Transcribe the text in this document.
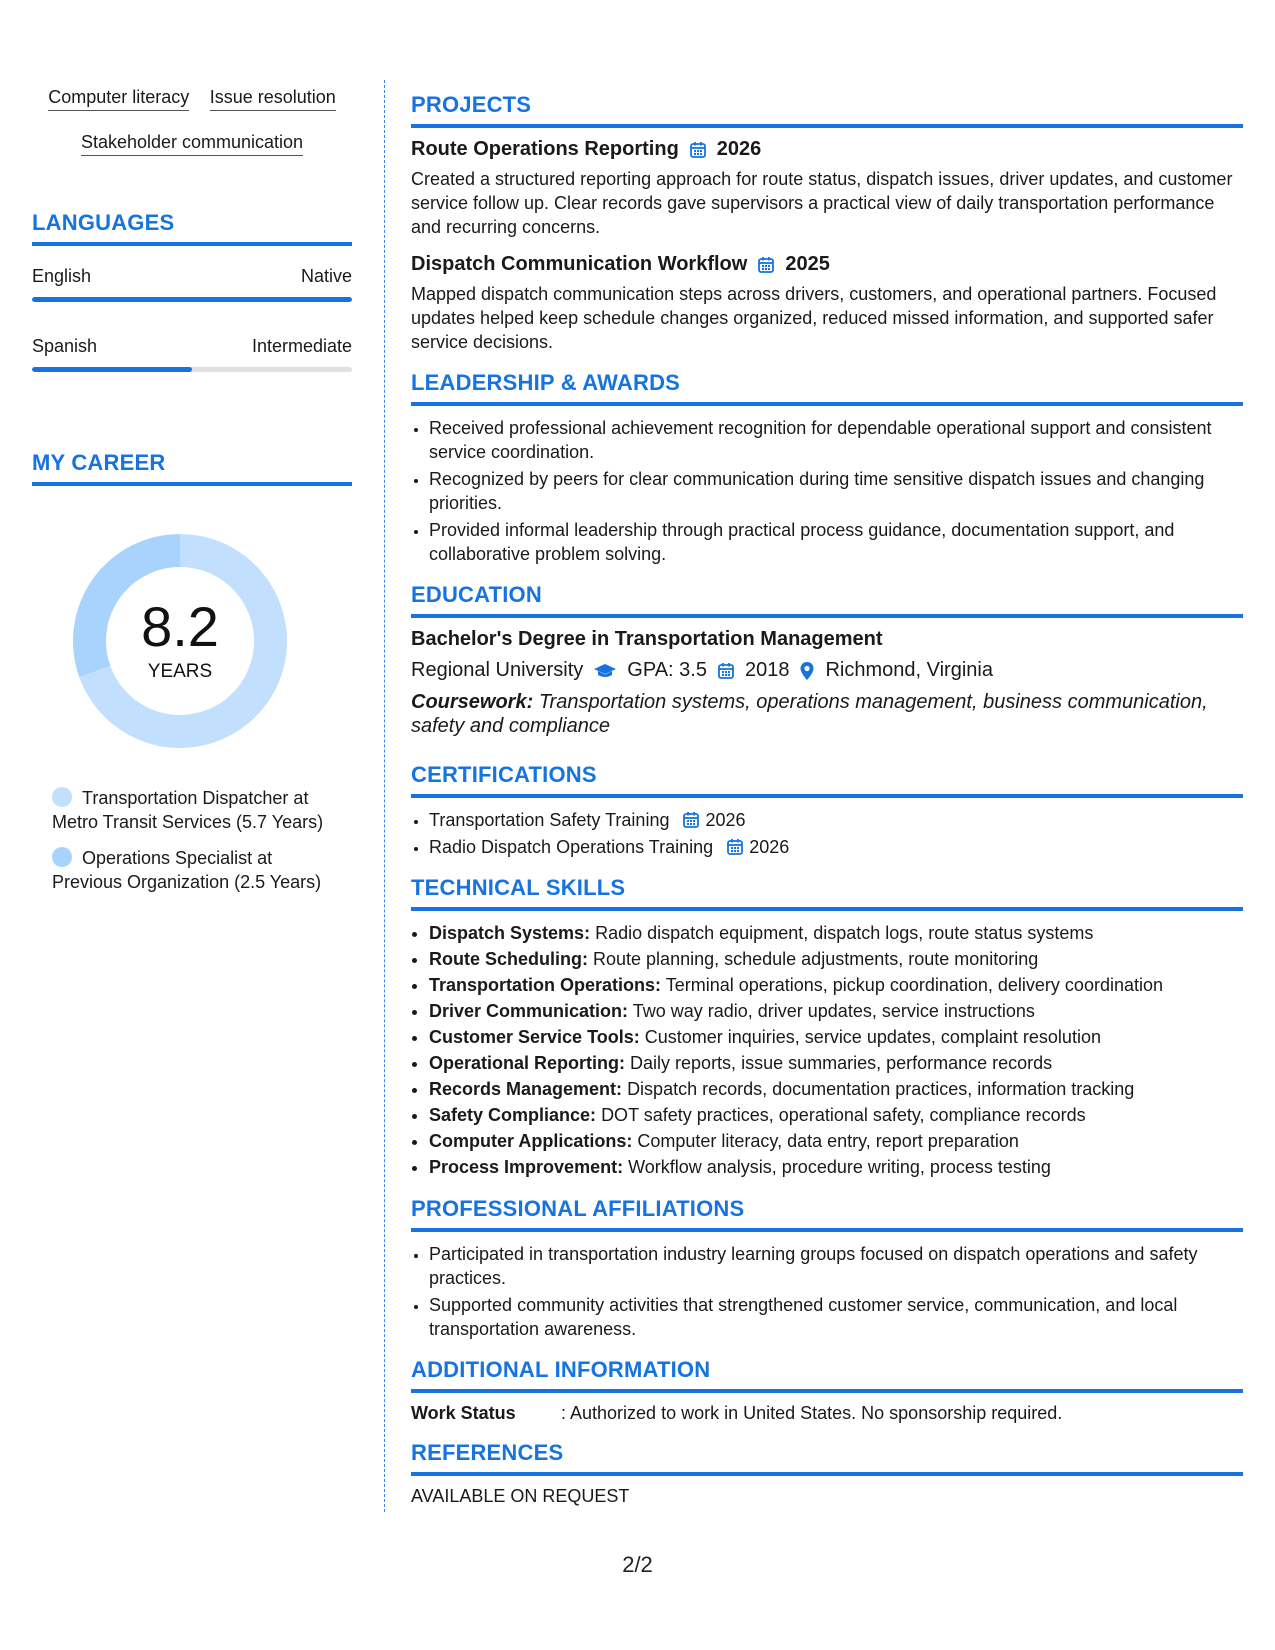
Computer literacy Issue resolution Stakeholder communication
LANGUAGES
English	Native
Spanish	Intermediate
MY CAREER
8.2
YEARS
Transportation Dispatcher at Metro Transit Services (5.7 Years)
Operations Specialist at Previous Organization (2.5 Years)
PROJECTS
Route Operations Reporting 2026

Created a structured reporting approach for route status, dispatch issues, driver updates, and customer service follow up. Clear records gave supervisors a practical view of daily transportation performance and recurring concerns.

Dispatch Communication Workflow 2025

Mapped dispatch communication steps across drivers, customers, and operational partners. Focused updates helped keep schedule changes organized, reduced missed information, and supported safer service decisions.

LEADERSHIP & AWARDS
• Received professional achievement recognition for dependable operational support and consistent service coordination.
• Recognized by peers for clear communication during time sensitive dispatch issues and changing priorities.
• Provided informal leadership through practical process guidance, documentation support, and collaborative problem solving.
EDUCATION
Bachelor's Degree in Transportation Management
Regional University GPA: 3.5 2018 Richmond, Virginia
Coursework: Transportation systems, operations management, business communication, safety and compliance
CERTIFICATIONS
• Transportation Safety Training 2026
• Radio Dispatch Operations Training 2026
TECHNICAL SKILLS
• Dispatch Systems: Radio dispatch equipment, dispatch logs, route status systems
• Route Scheduling: Route planning, schedule adjustments, route monitoring
• Transportation Operations: Terminal operations, pickup coordination, delivery coordination
• Driver Communication: Two way radio, driver updates, service instructions
• Customer Service Tools: Customer inquiries, service updates, complaint resolution
• Operational Reporting: Daily reports, issue summaries, performance records
• Records Management: Dispatch records, documentation practices, information tracking
• Safety Compliance: DOT safety practices, operational safety, compliance records
• Computer Applications: Computer literacy, data entry, report preparation
• Process Improvement: Workflow analysis, procedure writing, process testing
PROFESSIONAL AFFILIATIONS
• Participated in transportation industry learning groups focused on dispatch operations and safety practices.
• Supported community activities that strengthened customer service, communication, and local transportation awareness.
ADDITIONAL INFORMATION
Work Status	: Authorized to work in United States. No sponsorship required.
REFERENCES
AVAILABLE ON REQUEST
2/2
